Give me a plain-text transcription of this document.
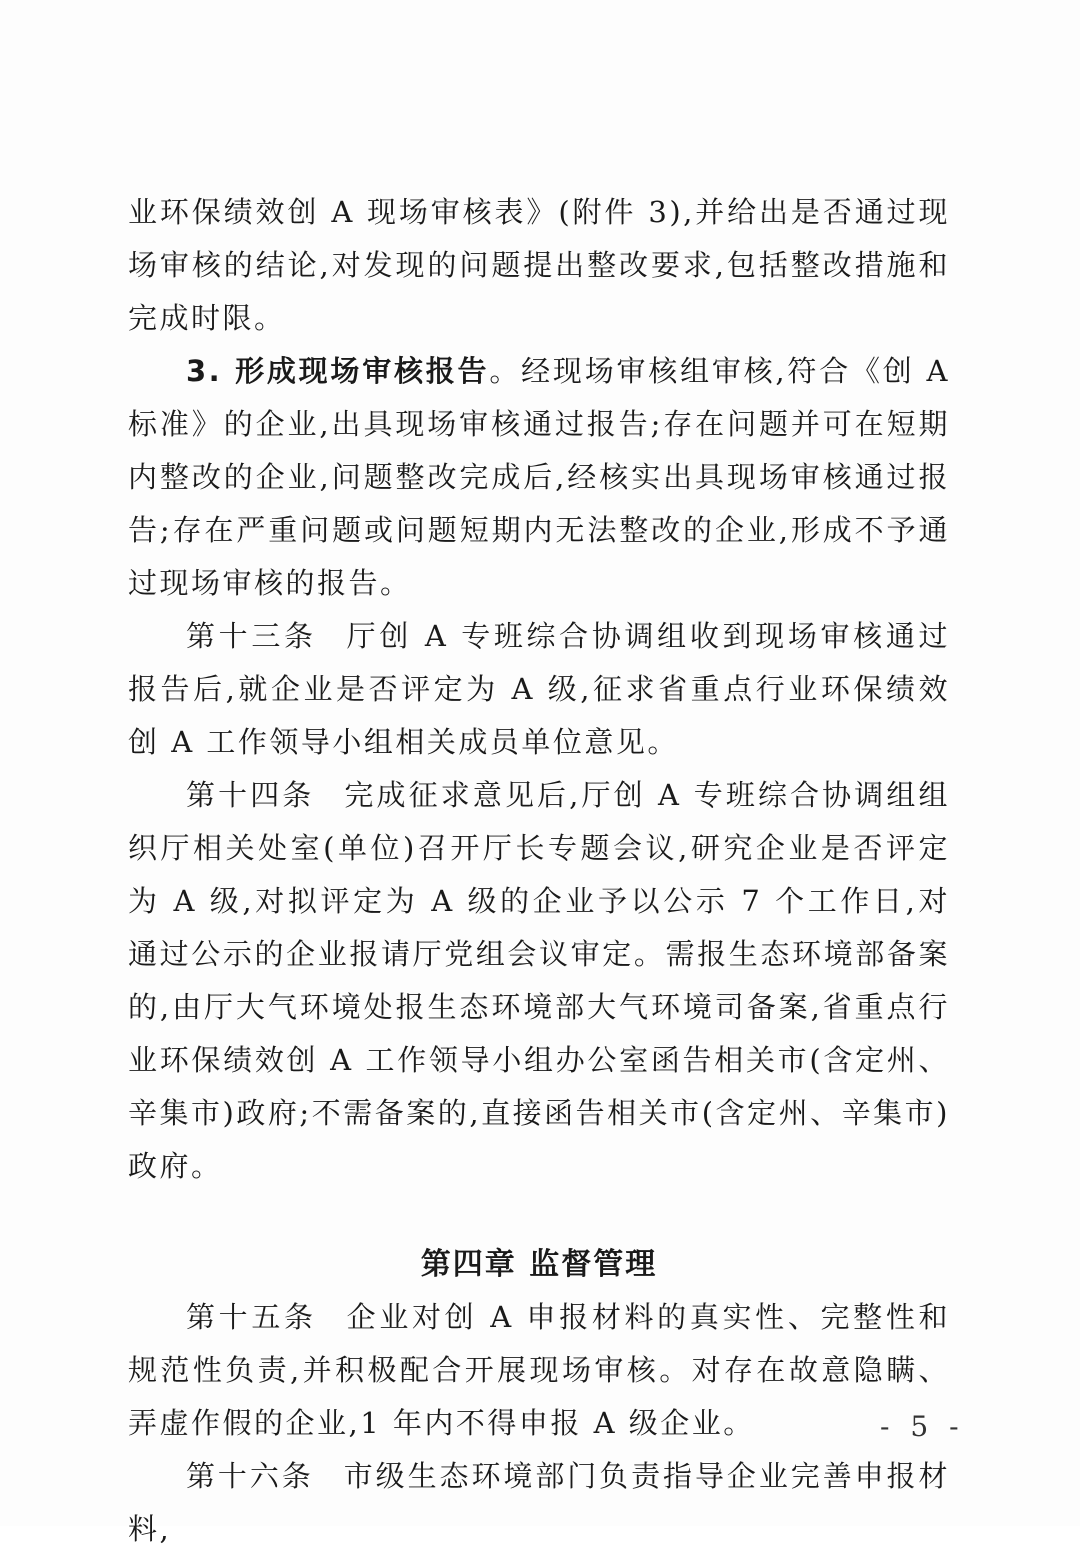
业环保绩效创 A 现场审核表》(附件 3),并给出是否通过现场审核的结论,对发现的问题提出整改要求,包括整改措施和完成时限。

3. 形成现场审核报告。经现场审核组审核,符合《创 A 标准》的企业,出具现场审核通过报告;存在问题并可在短期内整改的企业,问题整改完成后,经核实出具现场审核通过报告;存在严重问题或问题短期内无法整改的企业,形成不予通过现场审核的报告。

第十三条 厅创 A 专班综合协调组收到现场审核通过报告后,就企业是否评定为 A 级,征求省重点行业环保绩效创 A 工作领导小组相关成员单位意见。

第十四条 完成征求意见后,厅创 A 专班综合协调组组织厅相关处室(单位)召开厅长专题会议,研究企业是否评定为 A 级,对拟评定为 A 级的企业予以公示 7 个工作日,对通过公示的企业报请厅党组会议审定。需报生态环境部备案的,由厅大气环境处报生态环境部大气环境司备案,省重点行业环保绩效创 A 工作领导小组办公室函告相关市(含定州、辛集市)政府;不需备案的,直接函告相关市(含定州、辛集市)政府。

第四章 监督管理

第十五条 企业对创 A 申报材料的真实性、完整性和规范性负责,并积极配合开展现场审核。对存在故意隐瞒、弄虚作假的企业,1 年内不得申报 A 级企业。

第十六条 市级生态环境部门负责指导企业完善申报材料,

- 5 -
